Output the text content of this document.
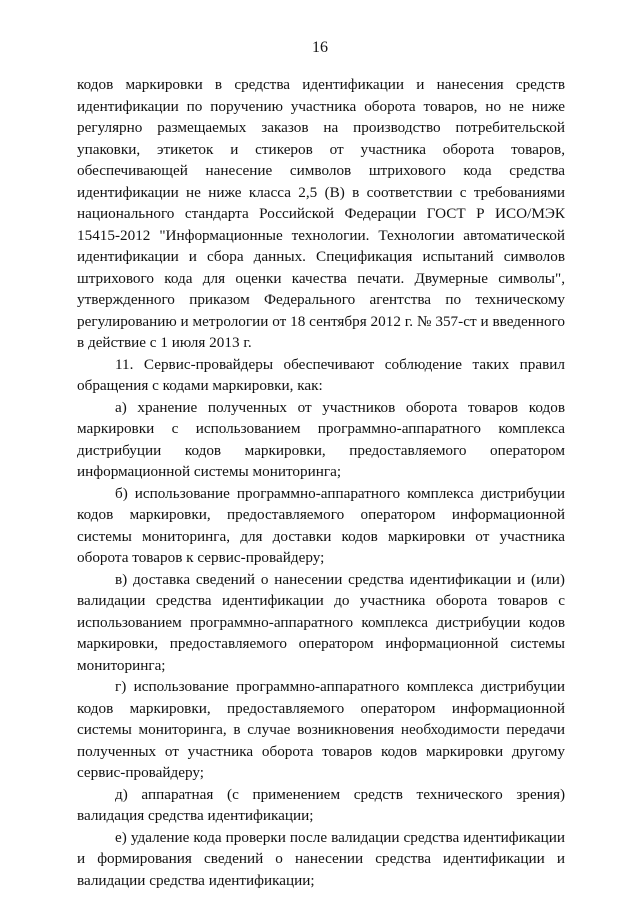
16

кодов маркировки в средства идентификации и нанесения средств идентификации по поручению участника оборота товаров, но не ниже регулярно размещаемых заказов на производство потребительской упаковки, этикеток и стикеров от участника оборота товаров, обеспечивающей нанесение символов штрихового кода средства идентификации не ниже класса 2,5 (В) в соответствии с требованиями национального стандарта Российской Федерации ГОСТ Р ИСО/МЭК 15415-2012 "Информационные технологии. Технологии автоматической идентификации и сбора данных. Спецификация испытаний символов штрихового кода для оценки качества печати. Двумерные символы", утвержденного приказом Федерального агентства по техническому регулированию и метрологии от 18 сентября 2012 г. № 357-ст и введенного в действие с 1 июля 2013 г.

11. Сервис-провайдеры обеспечивают соблюдение таких правил обращения с кодами маркировки, как:

а) хранение полученных от участников оборота товаров кодов маркировки с использованием программно-аппаратного комплекса дистрибуции кодов маркировки, предоставляемого оператором информационной системы мониторинга;

б) использование программно-аппаратного комплекса дистрибуции кодов маркировки, предоставляемого оператором информационной системы мониторинга, для доставки кодов маркировки от участника оборота товаров к сервис-провайдеру;

в) доставка сведений о нанесении средства идентификации и (или) валидации средства идентификации до участника оборота товаров с использованием программно-аппаратного комплекса дистрибуции кодов маркировки, предоставляемого оператором информационной системы мониторинга;

г) использование программно-аппаратного комплекса дистрибуции кодов маркировки, предоставляемого оператором информационной системы мониторинга, в случае возникновения необходимости передачи полученных от участника оборота товаров кодов маркировки другому сервис-провайдеру;

д) аппаратная (с применением средств технического зрения) валидация средства идентификации;

е) удаление кода проверки после валидации средства идентификации и формирования сведений о нанесении средства идентификации и валидации средства идентификации;
